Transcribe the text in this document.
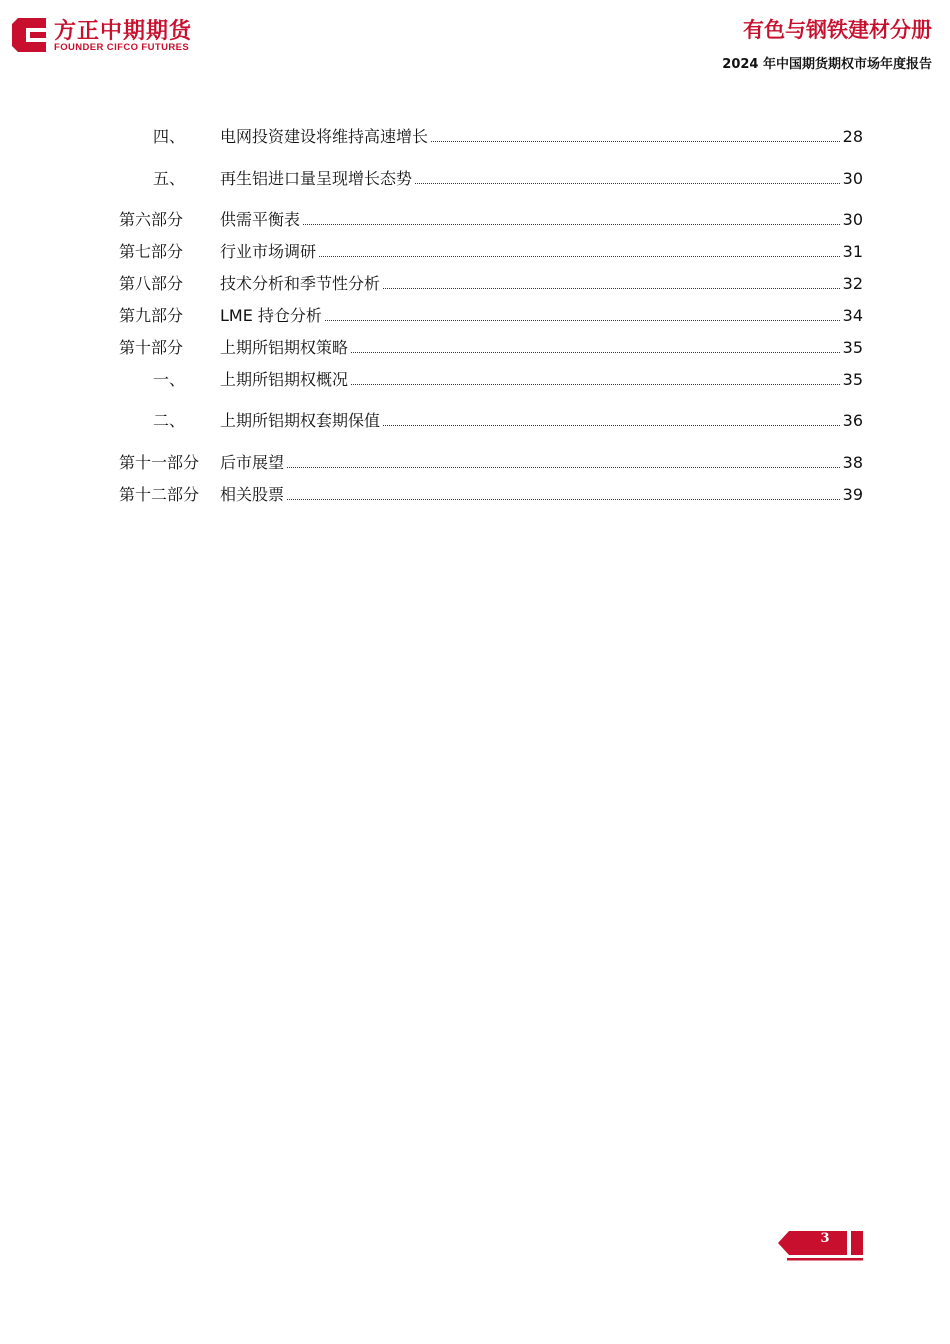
方正中期期货
FOUNDER CIFCO FUTURES
有色与钢铁建材分册
2024 年中国期货期权市场年度报告
四、 电网投资建设将维持高速增长	28
五、 再生铝进口量呈现增长态势	30
第六部分 供需平衡表	30
第七部分 行业市场调研	31
第八部分 技术分析和季节性分析	32
第九部分 LME 持仓分析	34
第十部分 上期所铝期权策略	35
一、 上期所铝期权概况	35
二、 上期所铝期权套期保值	36
第十一部分 后市展望	38
第十二部分 相关股票	39
3
